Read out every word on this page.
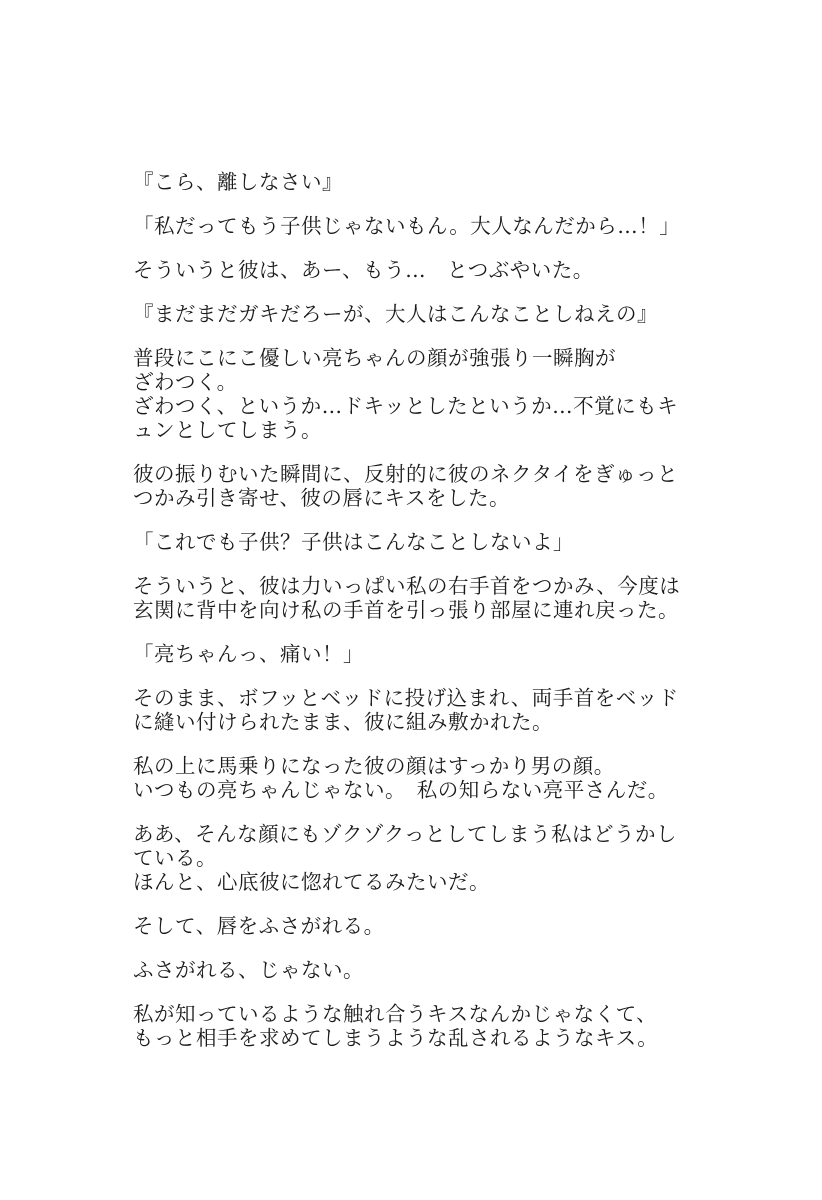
『こら、離しなさい』

「私だってもう子供じゃないもん。大人なんだから…！」

そういうと彼は、あー、もう…　とつぶやいた。

『まだまだガキだろーが、大人はこんなことしねえの』

普段にこにこ優しい亮ちゃんの顔が強張り一瞬胸が
ざわつく。
ざわつく、というか…ドキッとしたというか…不覚にもキ
ュンとしてしまう。

彼の振りむいた瞬間に、反射的に彼のネクタイをぎゅっと
つかみ引き寄せ、彼の唇にキスをした。

「これでも子供？子供はこんなことしないよ」

そういうと、彼は力いっぱい私の右手首をつかみ、今度は
玄関に背中を向け私の手首を引っ張り部屋に連れ戻った。

「亮ちゃんっ、痛い！」

そのまま、ボフッとベッドに投げ込まれ、両手首をベッド
に縫い付けられたまま、彼に組み敷かれた。

私の上に馬乗りになった彼の顔はすっかり男の顔。
いつもの亮ちゃんじゃない。　私の知らない亮平さんだ。

ああ、そんな顔にもゾクゾクっとしてしまう私はどうかし
ている。
ほんと、心底彼に惚れてるみたいだ。

そして、唇をふさがれる。

ふさがれる、じゃない。

私が知っているような触れ合うキスなんかじゃなくて、
もっと相手を求めてしまうような乱されるようなキス。
